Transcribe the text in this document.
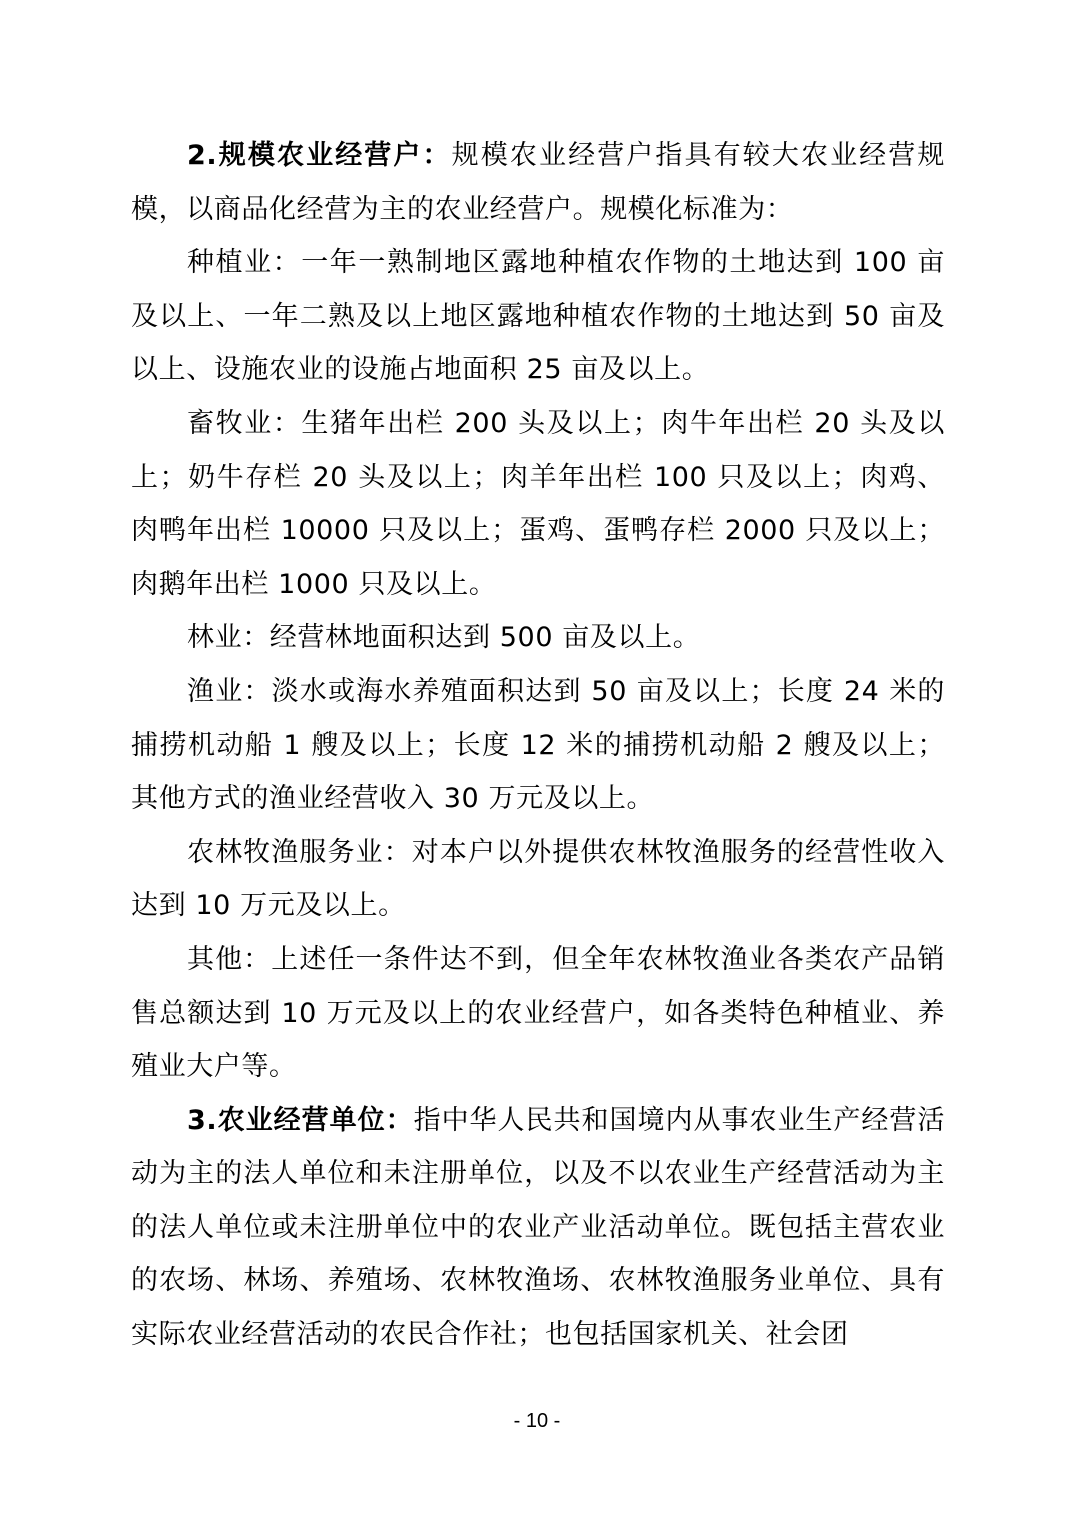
2.规模农业经营户：规模农业经营户指具有较大农业经营规模，以商品化经营为主的农业经营户。规模化标准为：

种植业：一年一熟制地区露地种植农作物的土地达到 100 亩及以上、一年二熟及以上地区露地种植农作物的土地达到 50 亩及以上、设施农业的设施占地面积 25 亩及以上。

畜牧业：生猪年出栏 200 头及以上；肉牛年出栏 20 头及以上；奶牛存栏 20 头及以上；肉羊年出栏 100 只及以上；肉鸡、肉鸭年出栏 10000 只及以上；蛋鸡、蛋鸭存栏 2000 只及以上；肉鹅年出栏 1000 只及以上。

林业：经营林地面积达到 500 亩及以上。

渔业：淡水或海水养殖面积达到 50 亩及以上；长度 24 米的捕捞机动船 1 艘及以上；长度 12 米的捕捞机动船 2 艘及以上；其他方式的渔业经营收入 30 万元及以上。

农林牧渔服务业：对本户以外提供农林牧渔服务的经营性收入达到 10 万元及以上。

其他：上述任一条件达不到，但全年农林牧渔业各类农产品销售总额达到 10 万元及以上的农业经营户，如各类特色种植业、养殖业大户等。

3.农业经营单位：指中华人民共和国境内从事农业生产经营活动为主的法人单位和未注册单位，以及不以农业生产经营活动为主的法人单位或未注册单位中的农业产业活动单位。既包括主营农业的农场、林场、养殖场、农林牧渔场、农林牧渔服务业单位、具有实际农业经营活动的农民合作社；也包括国家机关、社会团

- 10 -
